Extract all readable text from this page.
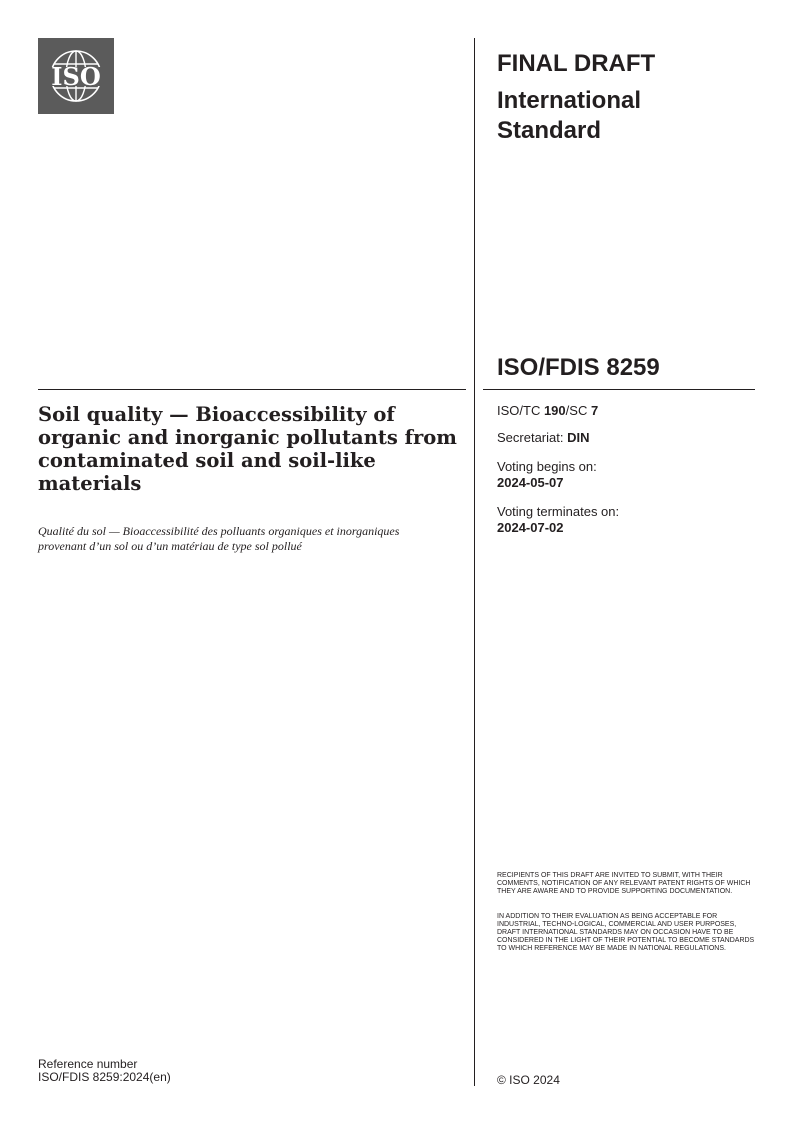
ISO	FINAL DRAFT
International Standard
ISO/FDIS 8259
Soil quality — Bioaccessibility of organic and inorganic pollutants from contaminated soil and soil-like materials
Qualité du sol — Bioaccessibilité des polluants organiques et inorganiques provenant d’un sol ou d’un matériau de type sol pollué
ISO/TC 190/SC 7
Secretariat: DIN
Voting begins on:
2024-05-07
Voting terminates on:
2024-07-02
RECIPIENTS OF THIS DRAFT ARE INVITED TO SUBMIT, WITH THEIR COMMENTS, NOTIFICATION OF ANY RELEVANT PATENT RIGHTS OF WHICH THEY ARE AWARE AND TO PROVIDE SUPPORTING DOCUMENTATION.
IN ADDITION TO THEIR EVALUATION AS BEING ACCEPTABLE FOR INDUSTRIAL, TECHNO-LOGICAL, COMMERCIAL AND USER PURPOSES, DRAFT INTERNATIONAL STANDARDS MAY ON OCCASION HAVE TO BE CONSIDERED IN THE LIGHT OF THEIR POTENTIAL TO BECOME STANDARDS TO WHICH REFERENCE MAY BE MADE IN NATIONAL REGULATIONS.
Reference number
ISO/FDIS 8259:2024(en)	© ISO 2024
